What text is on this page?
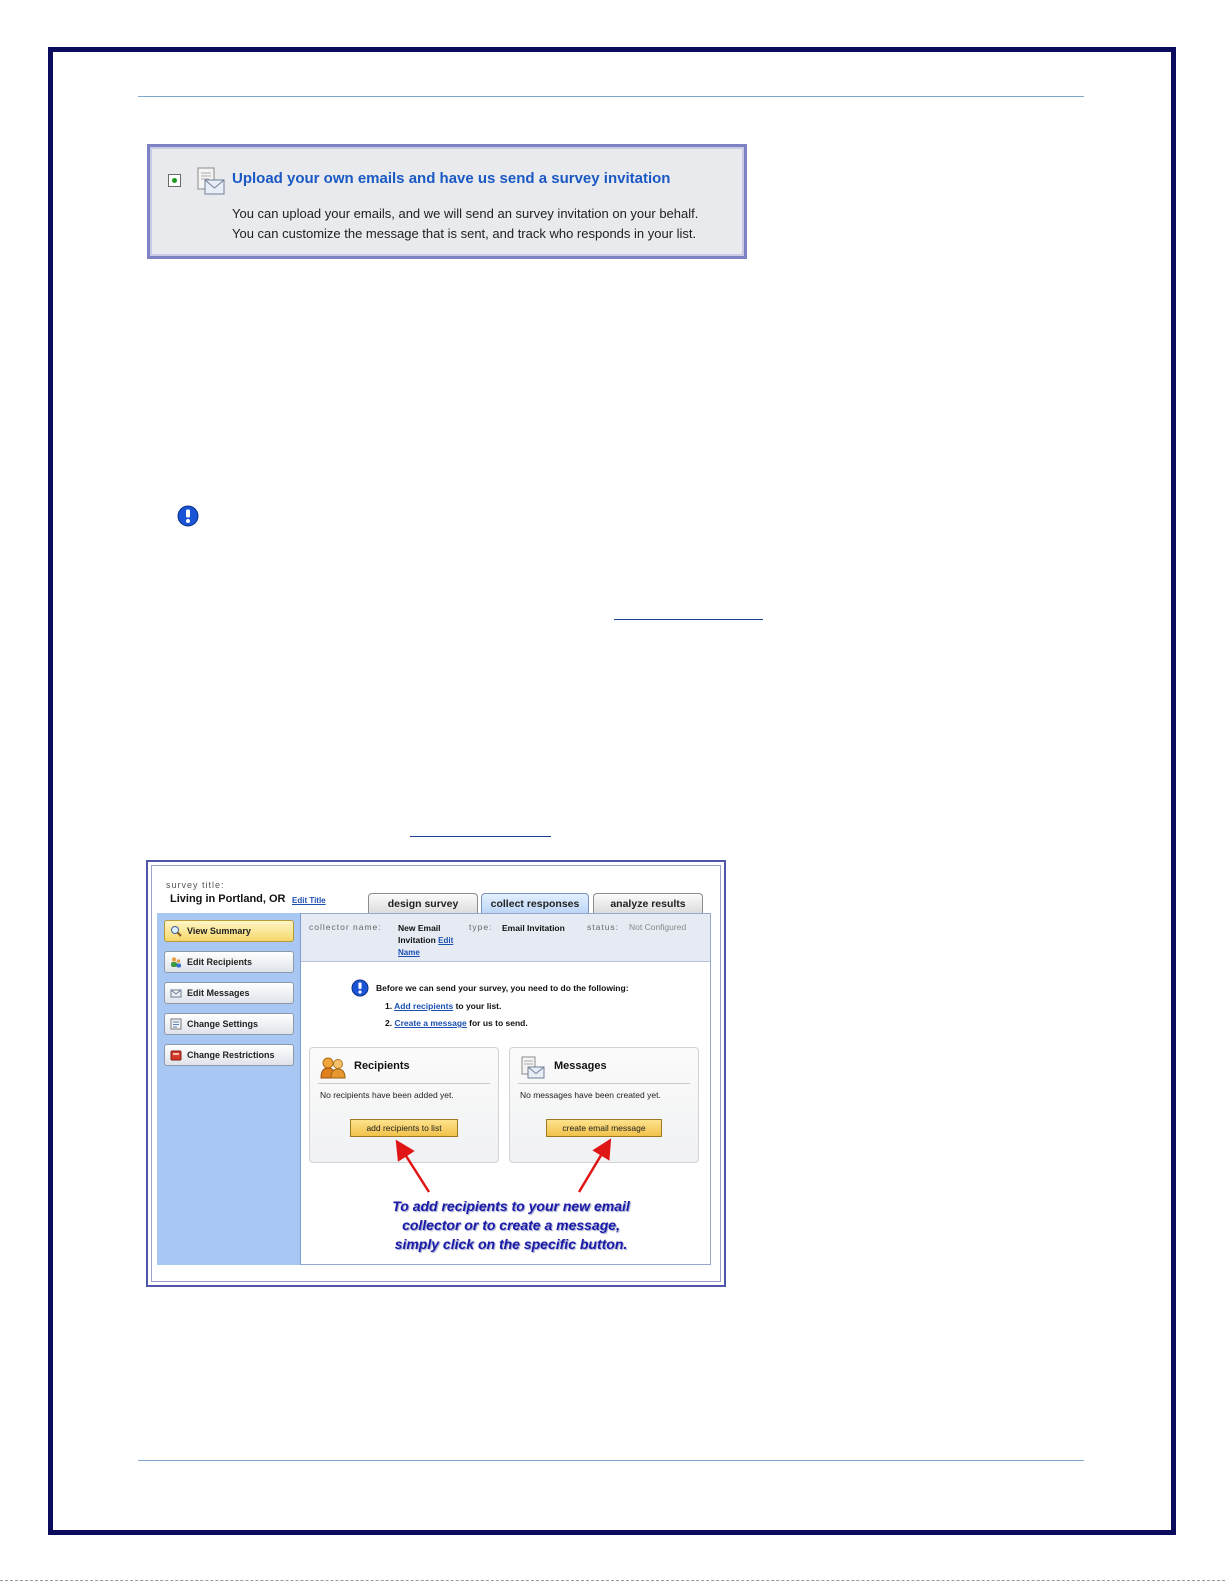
Upload your own emails and have us send a survey invitation
You can upload your emails, and we will send an survey invitation on your behalf.
You can customize the message that is sent, and track who responds in your list.
survey title:
Living in Portland, OR Edit Title	design survey	collect responses	analyze results
View Summary
Edit Recipients
Edit Messages
Change Settings
Change Restrictions
collector name: New Email
Invitation Edit
Name
type: Email Invitation	status: Not Configured
Before we can send your survey, you need to do the following:
1. Add recipients to your list.
2. Create a message for us to send.
Recipients
No recipients have been added yet.
add recipients to list
Messages
No messages have been created yet.
create email message
To add recipients to your new email
collector or to create a message,
simply click on the specific button.
